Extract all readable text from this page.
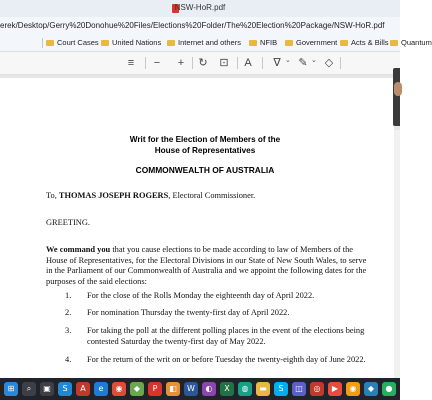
NSW-HoR.pdf
erek/Desktop/Gerry%20Donohue%20Files/Elections%20Folder/The%20Election%20Package/NSW-HoR.pdf
Court Cases	United Nations	Internet and others	NFIB	Government	Acts & Bills	Quantum
≡	−	+	↻ ⊡	A	∇ ⌄ ✎ ⌄ ◇
Writ for the Election of Members of the
House of Representatives
COMMONWEALTH OF AUSTRALIA
To, THOMAS JOSEPH ROGERS, Electoral Commissioner.
GREETING.
We command you that you cause elections to be made according to law of Members of the
House of Representatives, for the Electoral Divisions in our State of New South Wales, to serve
in the Parliament of our Commonwealth of Australia and we appoint the following dates for the
purposes of the said elections:
1. For the close of the Rolls Monday the eighteenth day of April 2022.
2. For nomination Thursday the twenty-first day of April 2022.
3. For taking the poll at the different polling places in the event of the elections being
contested Saturday the twenty-first day of May 2022.
4. For the return of the writ on or before Tuesday the twenty-eighth day of June 2022.
⊞	⌕	▣	S	A	e	◉	◆	P	◧	W	◐	X	◍	▬	S	◫	◎	▶	◉	◆	●
